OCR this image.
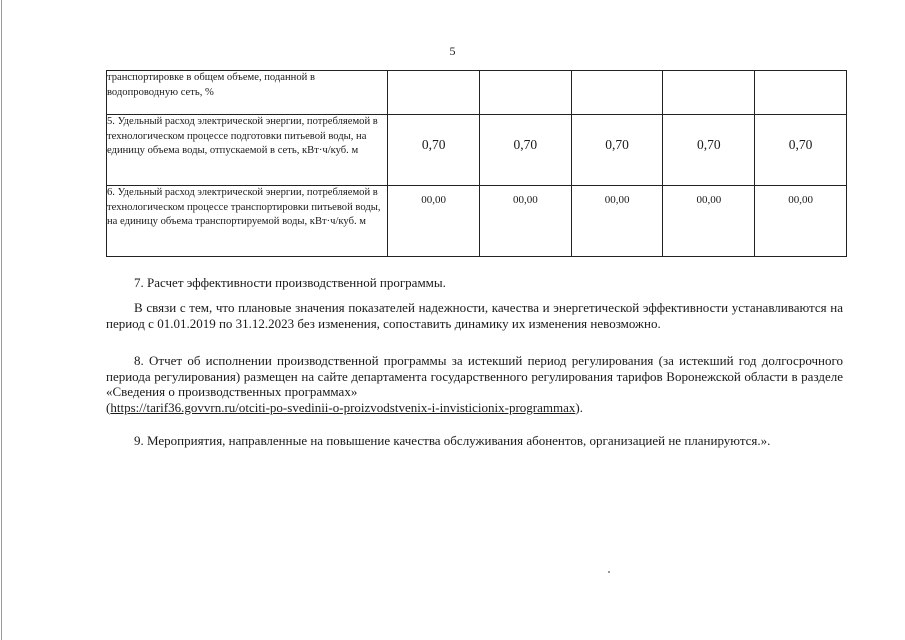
5
транспортировке в общем объеме, поданной в водопроводную сеть, %					
5. Удельный расход электрической энергии, потребляемой в технологическом процессе подготовки питьевой воды, на единицу объема воды, отпускаемой в сеть, кВт·ч/куб. м	0,70	0,70	0,70	0,70	0,70
6. Удельный расход электрической энергии, потребляемой в технологическом процессе транспортировки питьевой воды, на единицу объема транспортируемой воды, кВт·ч/куб. м	00,00	00,00	00,00	00,00	00,00
7. Расчет эффективности производственной программы.
В связи с тем, что плановые значения показателей надежности, качества и энергетической эффективности устанавливаются на период с 01.01.2019 по 31.12.2023 без изменения, сопоставить динамику их изменения невозможно.
8. Отчет об исполнении производственной программы за истекший период регулирования (за истекший год долгосрочного периода регулирования) размещен на сайте департамента государственного регулирования тарифов Воронежской области в разделе «Сведения о производственных программах»
(https://tarif36.govvrn.ru/otciti-po-svedinii-o-proizvodstvenix-i-invisticionix-programmax).
9. Мероприятия, направленные на повышение качества обслуживания абонентов, организацией не планируются.».
